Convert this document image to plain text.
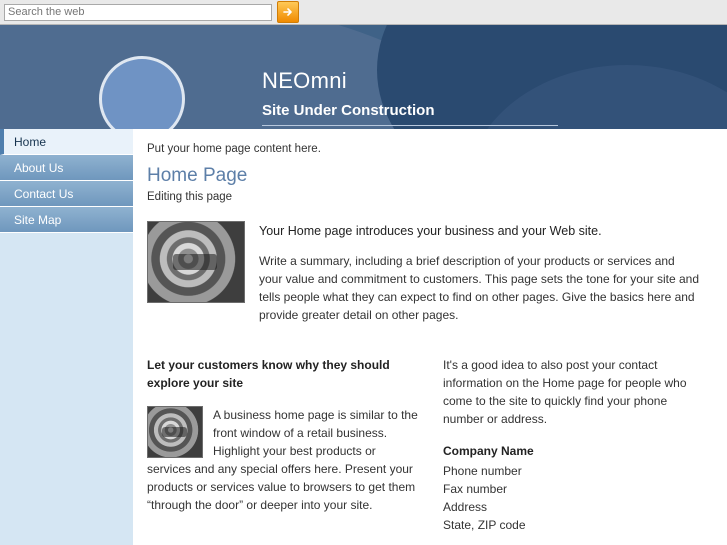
Search the web
NEOmni
Site Under Construction
Home
About Us
Contact Us
Site Map
Put your home page content here.
Home Page
Editing this page
Your Home page introduces your business and your Web site.
Write a summary, including a brief description of your products or services and your value and commitment to customers. This page sets the tone for your site and tells people what they can expect to find on other pages. Give the basics here and provide greater detail on other pages.
Let your customers know why they should explore your site
A business home page is similar to the front window of a retail business. Highlight your best products or services and any special offers here. Present your products or services value to browsers to get them “through the door” or deeper into your site.
It's a good idea to also post your contact information on the Home page for people who come to the site to quickly find your phone number or address.
Company Name
Phone number
Fax number
Address
State, ZIP code
